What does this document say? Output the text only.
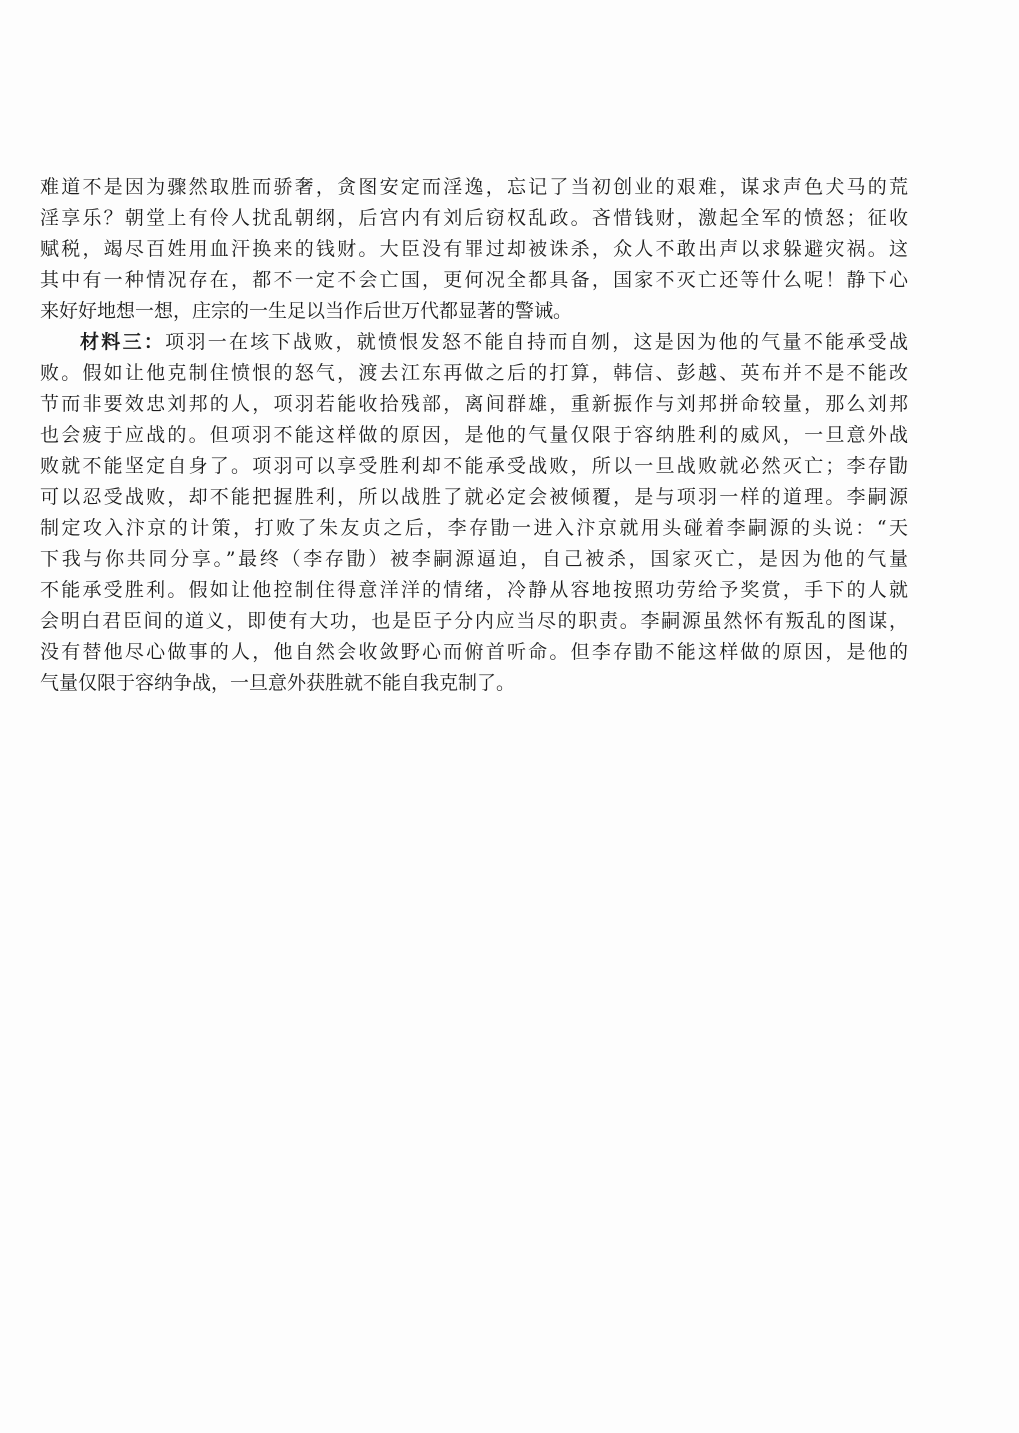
难道不是因为骤然取胜而骄奢，贪图安定而淫逸，忘记了当初创业的艰难，谋求声色犬马的荒
淫享乐？朝堂上有伶人扰乱朝纲，后宫内有刘后窃权乱政。吝惜钱财，激起全军的愤怒；征收
赋税，竭尽百姓用血汗换来的钱财。大臣没有罪过却被诛杀，众人不敢出声以求躲避灾祸。这
其中有一种情况存在，都不一定不会亡国，更何况全都具备，国家不灭亡还等什么呢！静下心
来好好地想一想，庄宗的一生足以当作后世万代都显著的警诫。
材料三：项羽一在垓下战败，就愤恨发怒不能自持而自刎，这是因为他的气量不能承受战
败。假如让他克制住愤恨的怒气，渡去江东再做之后的打算，韩信、彭越、英布并不是不能改
节而非要效忠刘邦的人，项羽若能收拾残部，离间群雄，重新振作与刘邦拼命较量，那么刘邦
也会疲于应战的。但项羽不能这样做的原因，是他的气量仅限于容纳胜利的威风，一旦意外战
败就不能坚定自身了。项羽可以享受胜利却不能承受战败，所以一旦战败就必然灭亡；李存勖
可以忍受战败，却不能把握胜利，所以战胜了就必定会被倾覆，是与项羽一样的道理。李嗣源
制定攻入汴京的计策，打败了朱友贞之后，李存勖一进入汴京就用头碰着李嗣源的头说：“天
下我与你共同分享。”最终（李存勖）被李嗣源逼迫，自己被杀，国家灭亡，是因为他的气量
不能承受胜利。假如让他控制住得意洋洋的情绪，冷静从容地按照功劳给予奖赏，手下的人就
会明白君臣间的道义，即使有大功，也是臣子分内应当尽的职责。李嗣源虽然怀有叛乱的图谋，
没有替他尽心做事的人，他自然会收敛野心而俯首听命。但李存勖不能这样做的原因，是他的
气量仅限于容纳争战，一旦意外获胜就不能自我克制了。
